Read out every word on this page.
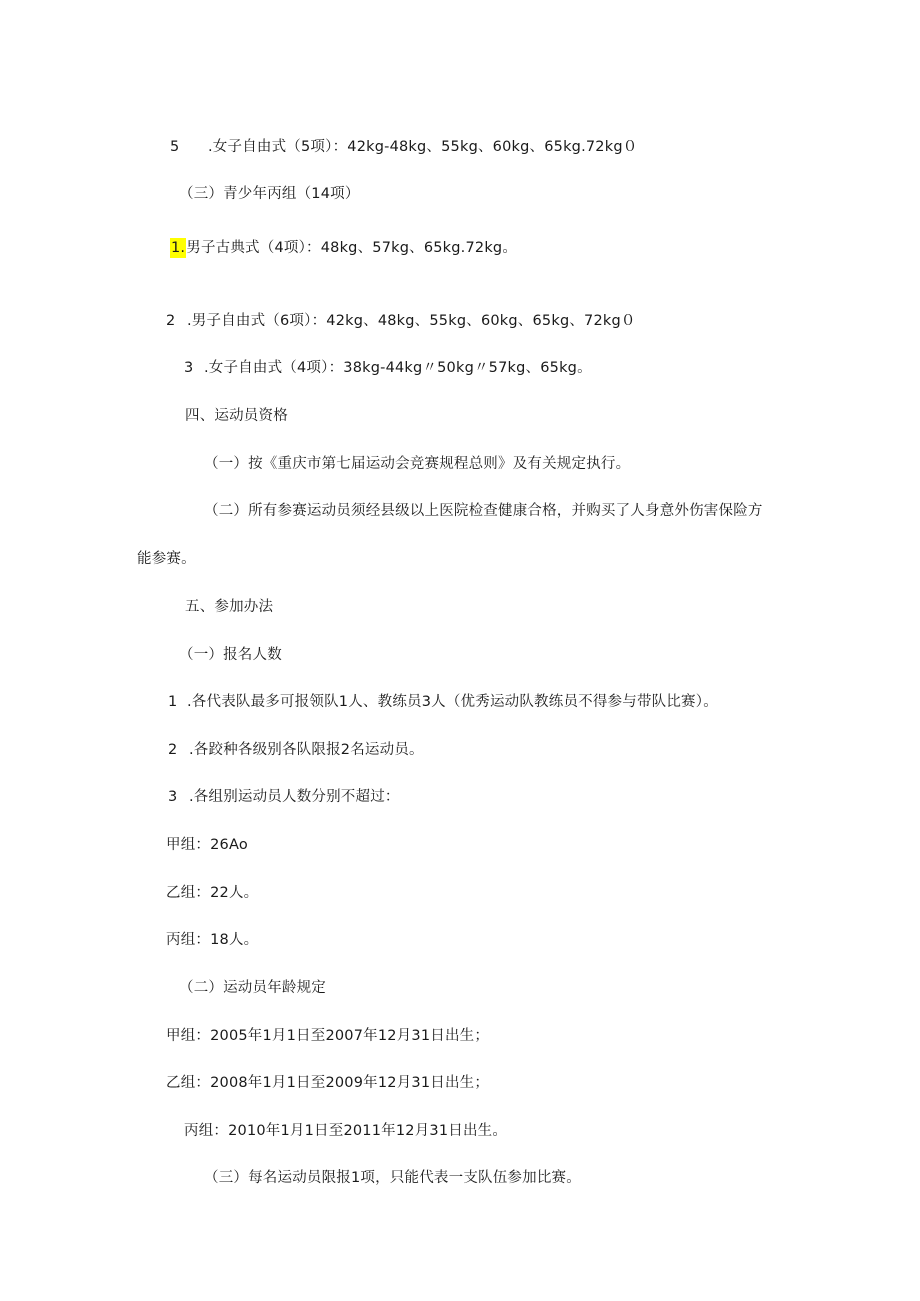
5 .女子自由式（5项）：42kg-48kg、55kg、60kg、65kg.72kg０
（三）青少年丙组（14项）
1.男子古典式（4项）：48kg、57kg、65kg.72kg。
2 .男子自由式（6项）：42kg、48kg、55kg、60kg、65kg、72kg０
3 .女子自由式（4项）：38kg-44kg〃50kg〃57kg、65kg。
四、运动员资格
（一）按《重庆市第七届运动会竞赛规程总则》及有关规定执行。
（二）所有参赛运动员须经县级以上医院检查健康合格，并购买了人身意外伤害保险方
能参赛。
五、参加办法
（一）报名人数
1 .各代表队最多可报领队1人、教练员3人（优秀运动队教练员不得参与带队比赛）。
2 .各跤种各级别各队限报2名运动员。
3 .各组别运动员人数分别不超过：
甲组：26Ao
乙组：22人。
丙组：18人。
（二）运动员年龄规定
甲组：2005年1月1日至2007年12月31日出生；
乙组：2008年1月1日至2009年12月31日出生；
丙组：2010年1月1日至2011年12月31日出生。
（三）每名运动员限报1项，只能代表一支队伍参加比赛。
